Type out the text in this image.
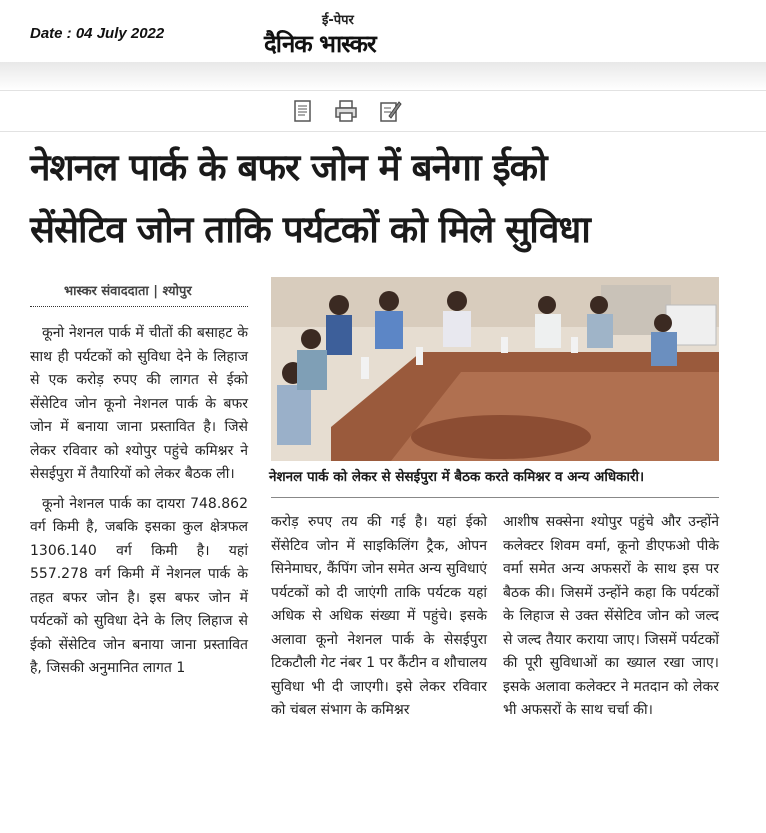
Date : 04 July 2022
ई-पेपर
दैनिक भास्कर
नेशनल पार्क के बफर जोन में बनेगा ईको
सेंसेटिव जोन ताकि पर्यटकों को मिले सुविधा
भास्कर संवाददाता | श्योपुर

कूनो नेशनल पार्क में चीतों की बसाहट के साथ ही पर्यटकों को सुविधा देने के लिहाज से एक करोड़ रुपए की लागत से ईको सेंसेटिव जोन कूनो नेशनल पार्क के बफर जोन में बनाया जाना प्रस्तावित है। जिसे लेकर रविवार को श्योपुर पहुंचे कमिश्नर ने सेसईपुरा में तैयारियों को लेकर बैठक ली।

कूनो नेशनल पार्क का दायरा 748.862 वर्ग किमी है, जबकि इसका कुल क्षेत्रफल 1306.140 वर्ग किमी है। यहां 557.278 वर्ग किमी में नेशनल पार्क के तहत बफर जोन है। इस बफर जोन में पर्यटकों को सुविधा देने के लिए लिहाज से ईको सेंसेटिव जोन बनाया जाना प्रस्तावित है, जिसकी अनुमानित लागत 1

नेशनल पार्क को लेकर से सेसईपुरा में बैठक करते कमिश्नर व अन्य अधिकारी।

करोड़ रुपए तय की गई है। यहां ईको सेंसेटिव जोन में साइकिलिंग ट्रैक, ओपन सिनेमाघर, कैंपिंग जोन समेत अन्य सुविधाएं पर्यटकों को दी जाएंगी ताकि पर्यटक यहां अधिक से अधिक संख्या में पहुंचे। इसके अलावा कूनो नेशनल पार्क के सेसईपुरा टिकटौली गेट नंबर 1 पर कैंटीन व शौचालय सुविधा भी दी जाएगी। इसे लेकर रविवार को चंबल संभाग के कमिश्नर

आशीष सक्सेना श्योपुर पहुंचे और उन्होंने कलेक्टर शिवम वर्मा, कूनो डीएफओ पीके वर्मा समेत अन्य अफसरों के साथ इस पर बैठक की। जिसमें उन्होंने कहा कि पर्यटकों के लिहाज से उक्त सेंसेटिव जोन को जल्द से जल्द तैयार कराया जाए। जिसमें पर्यटकों की पूरी सुविधाओं का ख्याल रखा जाए। इसके अलावा कलेक्टर ने मतदान को लेकर भी अफसरों के साथ चर्चा की।
